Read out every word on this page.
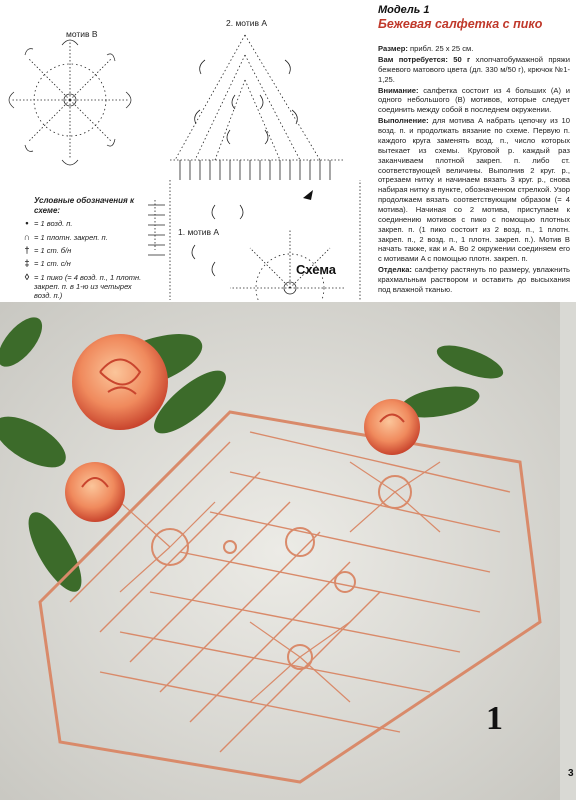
мотив B
2. мотив A
1. мотив A
Схема
Условные обозначения к схеме:
• = 1 возд. п.
∩ = 1 плотн. закреп. п.
† = 1 ст. б/н
‡ = 1 ст. с/н
◊ = 1 пико (= 4 возд. п., 1 плотн. закреп. п. в 1-ю из четырех возд. п.)
Модель 1
Бежевая салфетка с пико

Размер: прибл. 25 x 25 см.

Вам потребуется: 50 г хлопчатобумажной пряжи бежевого матового цвета (дл. 330 м/50 г), крючок №1-1,25.

Внимание: салфетка состоит из 4 больших (A) и одного небольшого (B) мотивов, которые следует соединить между собой в последнем окружении.

Выполнение: для мотива A набрать цепочку из 10 возд. п. и продолжать вязание по схеме. Первую п. каждого круга заменять возд. п., число которых вытекает из схемы. Круговой р. каждый раз заканчиваем плотной закреп. п. либо ст. соответствующей величины. Выполнив 2 круг. р., отрезаем нитку и начинаем вязать 3 круг. р., снова набирая нитку в пункте, обозначенном стрелкой. Узор продолжаем вязать соответствующим образом (= 4 мотива). Начиная со 2 мотива, приступаем к соединению мотивов с пико с помощью плотных закреп. п. (1 пико состоит из 2 возд. п., 1 плотн. закреп. п., 2 возд. п., 1 плотн. закреп. п.). Мотив B начать также, как и A. Во 2 окружении соединяем его с мотивами A с помощью плотн. закреп. п.

Отделка: салфетку растянуть по размеру, увлажнить крахмальным раствором и оставить до высыхания под влажной тканью.

1
3
